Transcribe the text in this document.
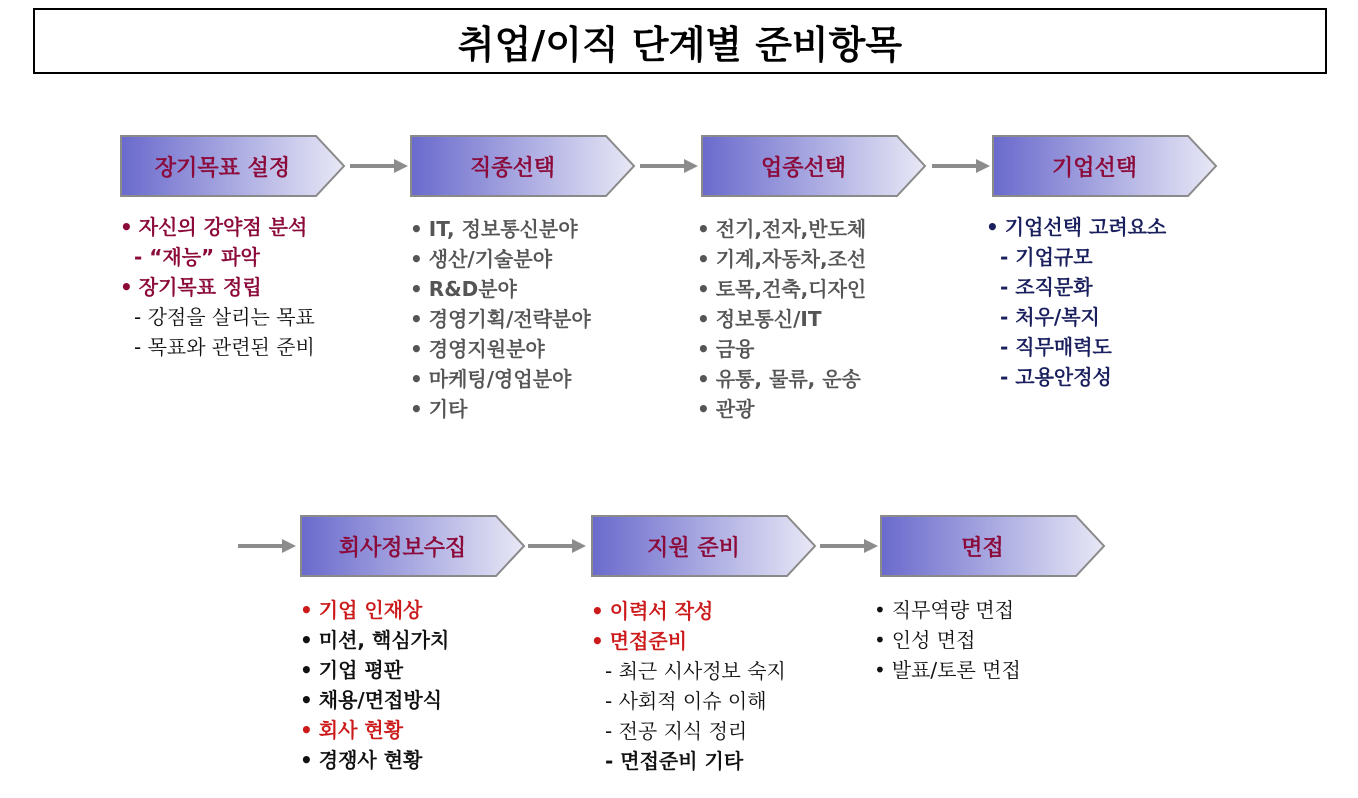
취업/이직 단계별 준비항목
장기목표 설정	직종선택	업종선택	기업선택
회사정보수집	지원 준비	면접
• 자신의 강약점 분석
- “재능” 파악
• 장기목표 정립
- 강점을 살리는 목표
- 목표와 관련된 준비
• IT, 정보통신분야
• 생산/기술분야
• R&D분야
• 경영기획/전략분야
• 경영지원분야
• 마케팅/영업분야
• 기타
• 전기,전자,반도체
• 기계,자동차,조선
• 토목,건축,디자인
• 정보통신/IT
• 금융
• 유통, 물류, 운송
• 관광
• 기업선택 고려요소
- 기업규모
- 조직문화
- 처우/복지
- 직무매력도
- 고용안정성
• 기업 인재상
• 미션, 핵심가치
• 기업 평판
• 채용/면접방식
• 회사 현황
• 경쟁사 현황
• 이력서 작성
• 면접준비
- 최근 시사정보 숙지
- 사회적 이슈 이해
- 전공 지식 정리
- 면접준비 기타
• 직무역량 면접
• 인성 면접
• 발표/토론 면접
